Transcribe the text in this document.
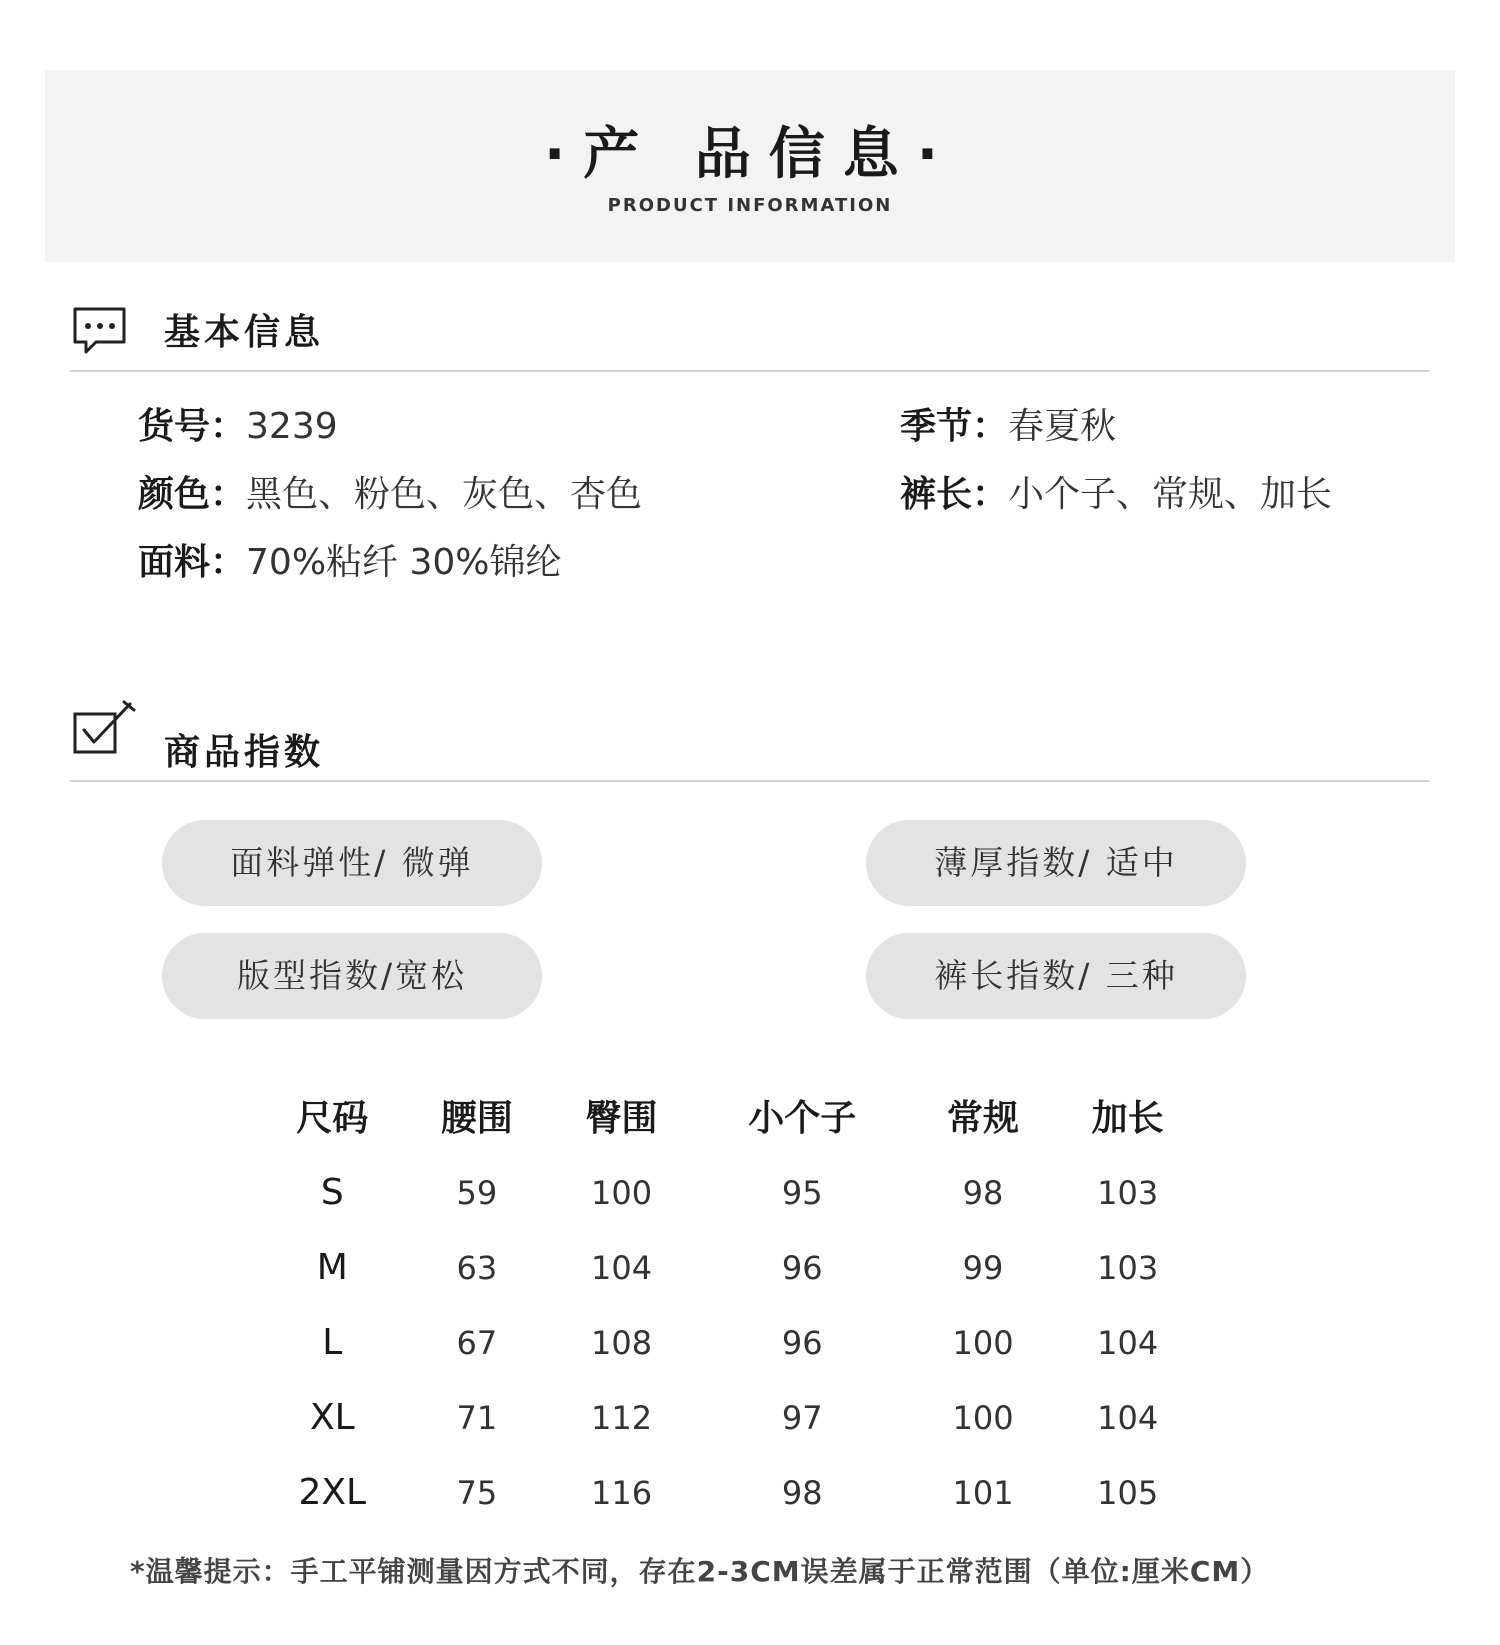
·产 品信息·
PRODUCT INFORMATION
基本信息
货号：3239
颜色：黑色、粉色、灰色、杏色
面料：70%粘纤 30%锦纶
季节：春夏秋
裤长：小个子、常规、加长
商品指数
面料弹性/ 微弹	薄厚指数/ 适中
版型指数/宽松	裤长指数/ 三种
尺码	腰围	臀围	小个子	常规	加长
S	59	100	95	98	103
M	63	104	96	99	103
L	67	108	96	100	104
XL	71	112	97	100	104
2XL	75	116	98	101	105
*温馨提示：手工平铺测量因方式不同，存在2-3CM误差属于正常范围（单位:厘米CM）
